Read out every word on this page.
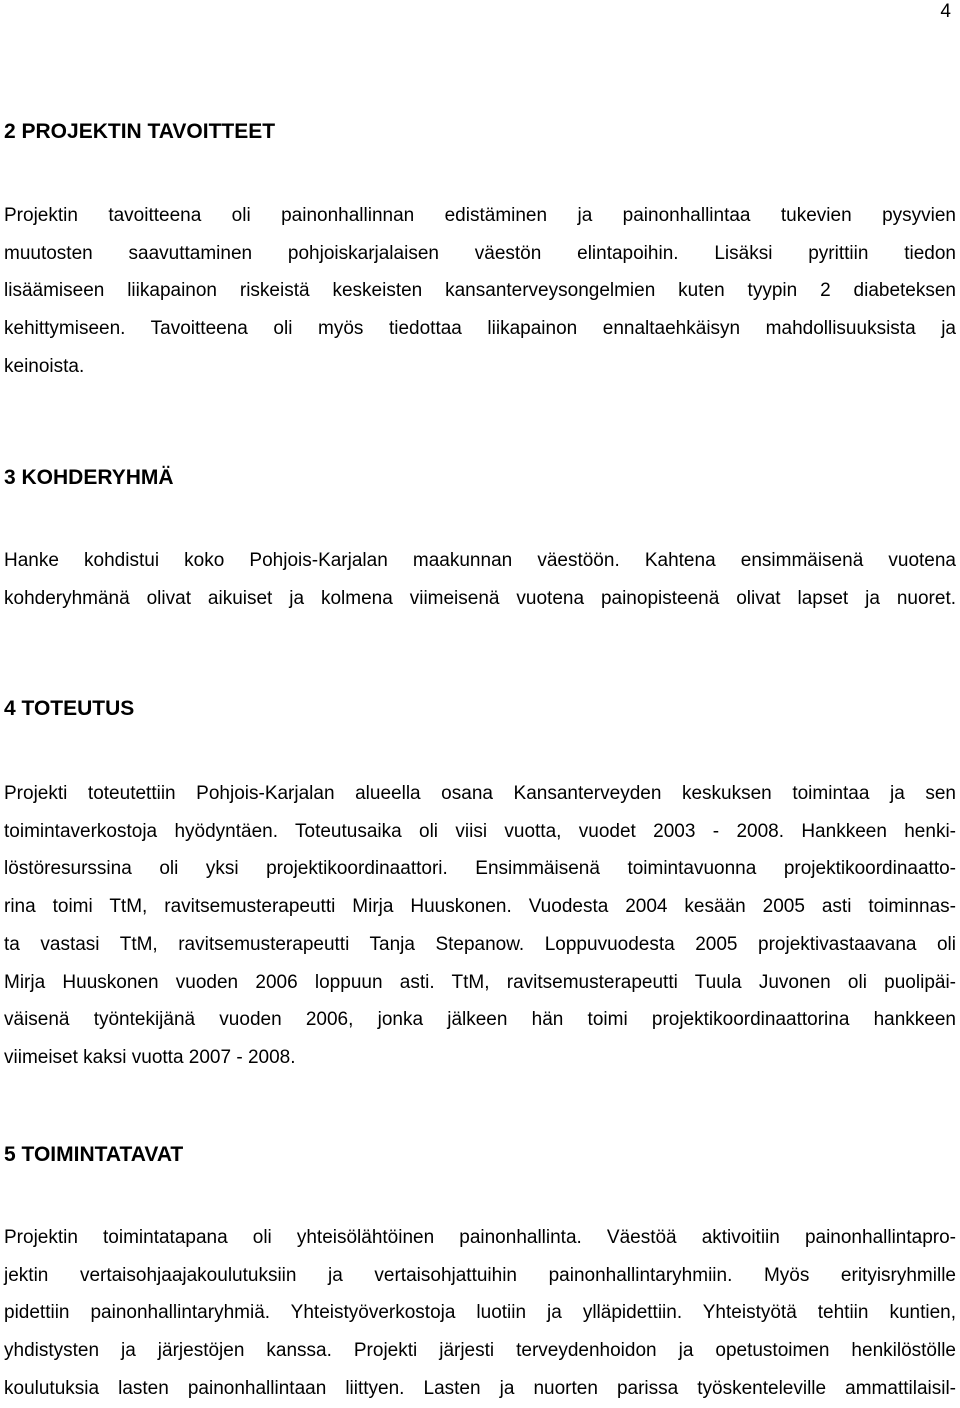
4
2 PROJEKTIN TAVOITTEET
Projektin tavoitteena oli painonhallinnan edistäminen ja painonhallintaa tukevien pysyvien
muutosten saavuttaminen pohjoiskarjalaisen väestön elintapoihin. Lisäksi pyrittiin tiedon
lisäämiseen liikapainon riskeistä keskeisten kansanterveysongelmien kuten tyypin 2 diabeteksen
kehittymiseen. Tavoitteena oli myös tiedottaa liikapainon ennaltaehkäisyn mahdollisuuksista ja
keinoista.
3 KOHDERYHMÄ
Hanke kohdistui koko Pohjois-Karjalan maakunnan väestöön. Kahtena ensimmäisenä vuotena
kohderyhmänä olivat aikuiset ja kolmena viimeisenä vuotena painopisteenä olivat lapset ja nuoret.
4 TOTEUTUS
Projekti toteutettiin Pohjois-Karjalan alueella osana Kansanterveyden keskuksen toimintaa ja sen
toimintaverkostoja hyödyntäen. Toteutusaika oli viisi vuotta, vuodet 2003 - 2008. Hankkeen henki-
löstöresurssina oli yksi projektikoordinaattori. Ensimmäisenä toimintavuonna projektikoordinaatto-
rina toimi TtM, ravitsemusterapeutti Mirja Huuskonen. Vuodesta 2004 kesään 2005 asti toiminnas-
ta vastasi TtM, ravitsemusterapeutti Tanja Stepanow. Loppuvuodesta 2005 projektivastaavana oli
Mirja Huuskonen vuoden 2006 loppuun asti. TtM, ravitsemusterapeutti Tuula Juvonen oli puolipäi-
väisenä työntekijänä vuoden 2006, jonka jälkeen hän toimi projektikoordinaattorina hankkeen
viimeiset kaksi vuotta 2007 - 2008.
5 TOIMINTATAVAT
Projektin toimintatapana oli yhteisölähtöinen painonhallinta. Väestöä aktivoitiin painonhallintapro-
jektin vertaisohjaajakoulutuksiin ja vertaisohjattuihin painonhallintaryhmiin. Myös erityisryhmille
pidettiin painonhallintaryhmiä. Yhteistyöverkostoja luotiin ja ylläpidettiin. Yhteistyötä tehtiin kuntien,
yhdistysten ja järjestöjen kanssa. Projekti järjesti terveydenhoidon ja opetustoimen henkilöstölle
koulutuksia lasten painonhallintaan liittyen. Lasten ja nuorten parissa työskenteleville ammattilaisil-
